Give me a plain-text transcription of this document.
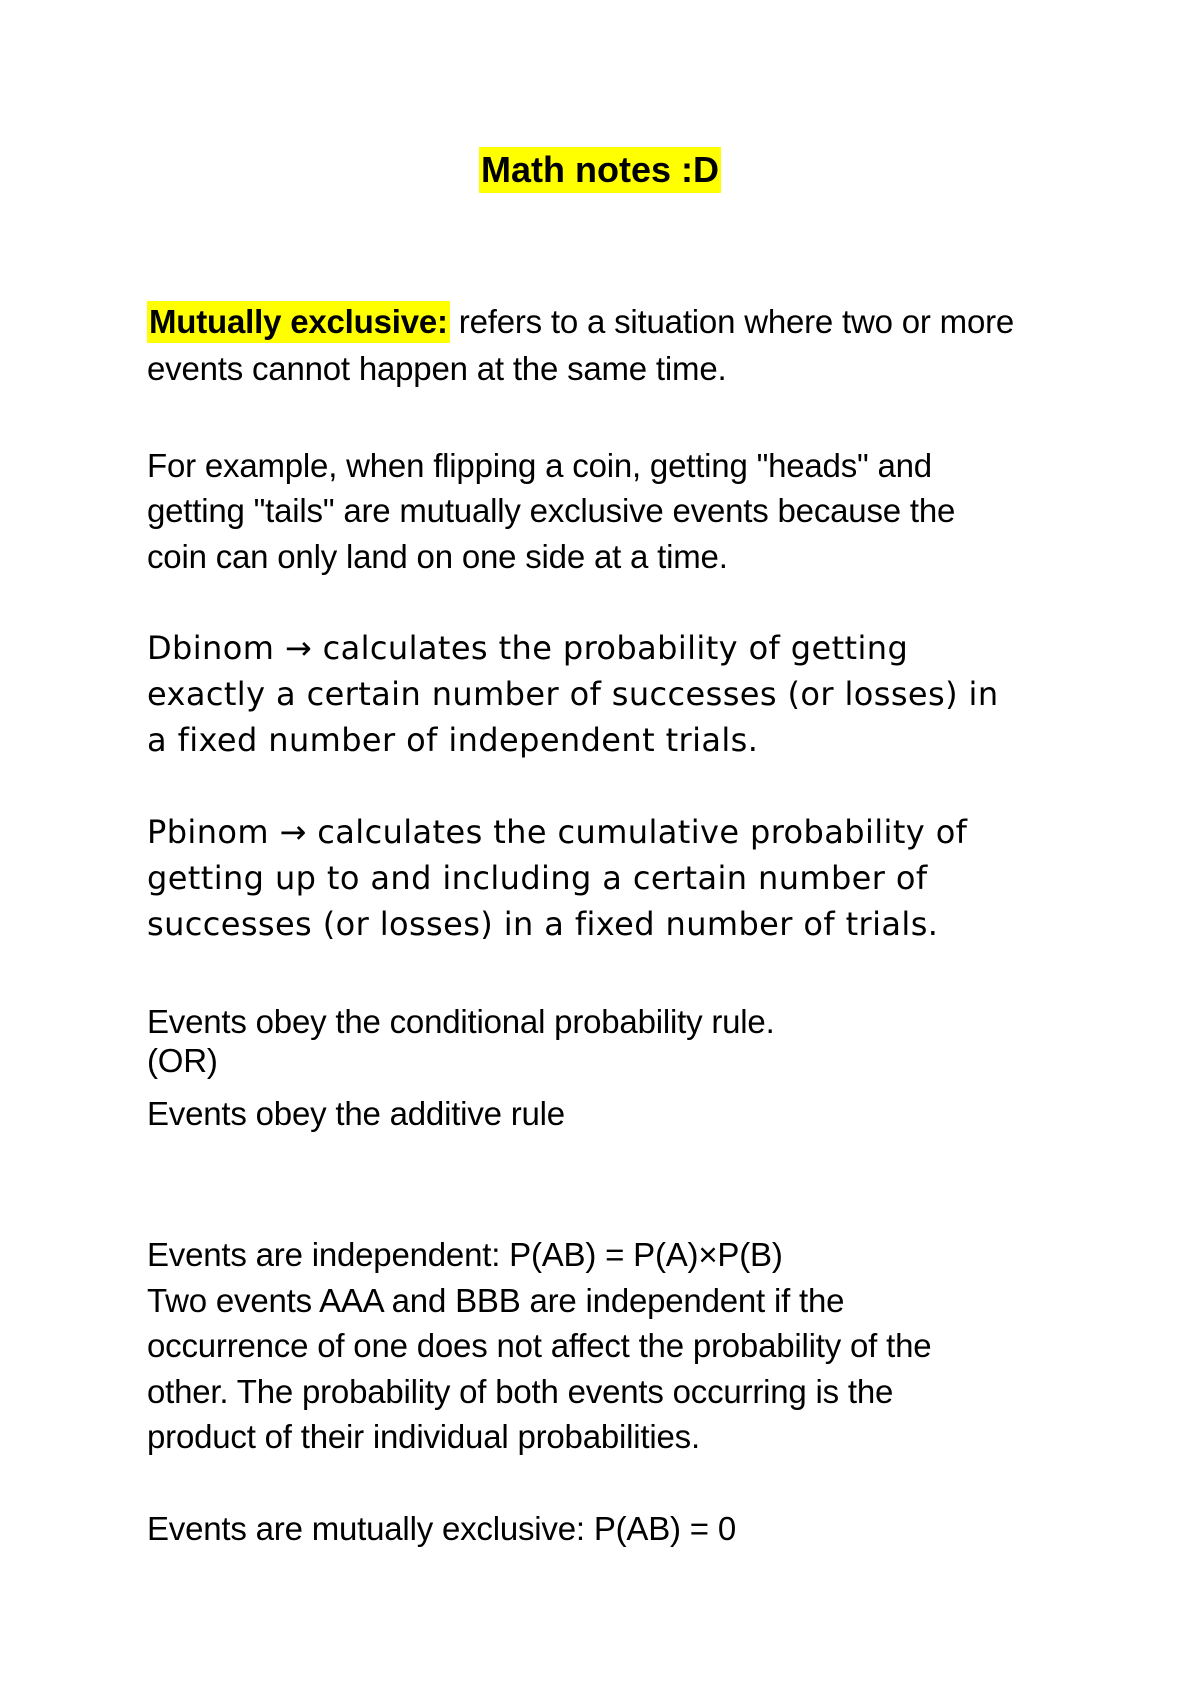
Math notes :D
Mutually exclusive: refers to a situation where two or more
events cannot happen at the same time.
For example, when flipping a coin, getting "heads" and
getting "tails" are mutually exclusive events because the
coin can only land on one side at a time.
Dbinom → calculates the probability of getting
exactly a certain number of successes (or losses) in
a fixed number of independent trials.
Pbinom → calculates the cumulative probability of
getting up to and including a certain number of
successes (or losses) in a fixed number of trials.
Events obey the conditional probability rule.
(OR)
Events obey the additive rule
Events are independent: P(AB) = P(A)×P(B)
Two events AAA and BBB are independent if the
occurrence of one does not affect the probability of the
other. The probability of both events occurring is the
product of their individual probabilities.
Events are mutually exclusive: P(AB) = 0
